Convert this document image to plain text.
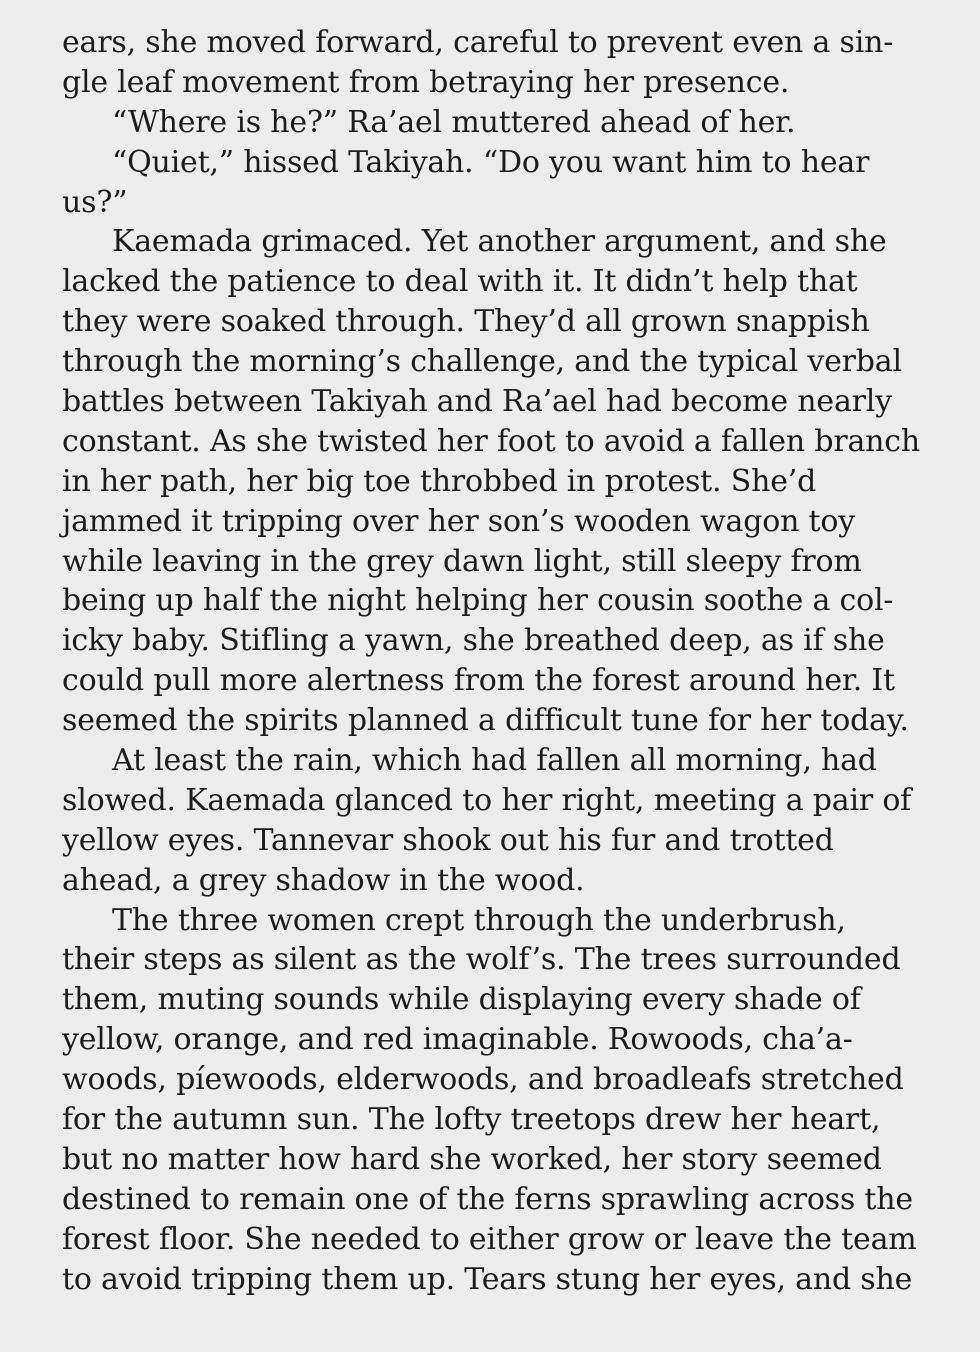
ears, she moved forward, careful to prevent even a sin-
gle leaf movement from betraying her presence.
“Where is he?” Ra’ael muttered ahead of her.
“Quiet,” hissed Takiyah. “Do you want him to hear
us?”
Kaemada grimaced. Yet another argument, and she
lacked the patience to deal with it. It didn’t help that
they were soaked through. They’d all grown snappish
through the morning’s challenge, and the typical verbal
battles between Takiyah and Ra’ael had become nearly
constant. As she twisted her foot to avoid a fallen branch
in her path, her big toe throbbed in protest. She’d
jammed it tripping over her son’s wooden wagon toy
while leaving in the grey dawn light, still sleepy from
being up half the night helping her cousin soothe a col-
icky baby. Stifling a yawn, she breathed deep, as if she
could pull more alertness from the forest around her. It
seemed the spirits planned a difficult tune for her today.
At least the rain, which had fallen all morning, had
slowed. Kaemada glanced to her right, meeting a pair of
yellow eyes. Tannevar shook out his fur and trotted
ahead, a grey shadow in the wood.
The three women crept through the underbrush,
their steps as silent as the wolf’s. The trees surrounded
them, muting sounds while displaying every shade of
yellow, orange, and red imaginable. Rowoods, cha’a-
woods, píewoods, elderwoods, and broadleafs stretched
for the autumn sun. The lofty treetops drew her heart,
but no matter how hard she worked, her story seemed
destined to remain one of the ferns sprawling across the
forest floor. She needed to either grow or leave the team
to avoid tripping them up. Tears stung her eyes, and she
